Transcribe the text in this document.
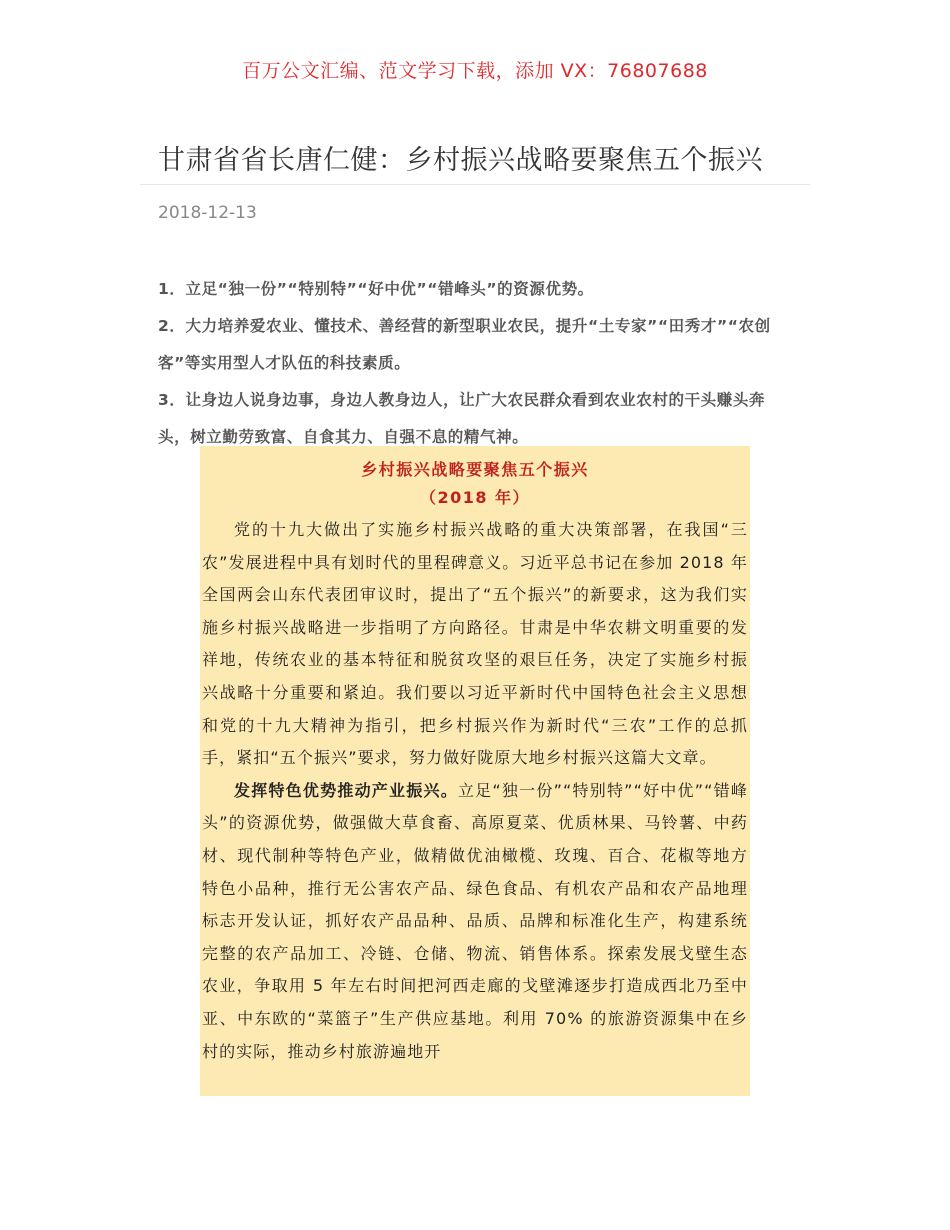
百万公文汇编、范文学习下载，添加 VX：76807688
甘肃省省长唐仁健：乡村振兴战略要聚焦五个振兴
2018-12-13

1．立足“独一份”“特别特”“好中优”“错峰头”的资源优势。

2．大力培养爱农业、懂技术、善经营的新型职业农民，提升“土专家”“田秀才”“农创客”等实用型人才队伍的科技素质。

3．让身边人说身边事，身边人教身边人，让广大农民群众看到农业农村的干头赚头奔头，树立勤劳致富、自食其力、自强不息的精气神。

乡村振兴战略要聚焦五个振兴
（2018 年）

党的十九大做出了实施乡村振兴战略的重大决策部署，在我国“三农”发展进程中具有划时代的里程碑意义。习近平总书记在参加 2018 年全国两会山东代表团审议时，提出了“五个振兴”的新要求，这为我们实施乡村振兴战略进一步指明了方向路径。甘肃是中华农耕文明重要的发祥地，传统农业的基本特征和脱贫攻坚的艰巨任务，决定了实施乡村振兴战略十分重要和紧迫。我们要以习近平新时代中国特色社会主义思想和党的十九大精神为指引，把乡村振兴作为新时代“三农”工作的总抓手，紧扣“五个振兴”要求，努力做好陇原大地乡村振兴这篇大文章。

发挥特色优势推动产业振兴。立足“独一份”“特别特”“好中优”“错峰头”的资源优势，做强做大草食畜、高原夏菜、优质林果、马铃薯、中药材、现代制种等特色产业，做精做优油橄榄、玫瑰、百合、花椒等地方特色小品种，推行无公害农产品、绿色食品、有机农产品和农产品地理标志开发认证，抓好农产品品种、品质、品牌和标准化生产，构建系统完整的农产品加工、冷链、仓储、物流、销售体系。探索发展戈壁生态农业，争取用 5 年左右时间把河西走廊的戈壁滩逐步打造成西北乃至中亚、中东欧的“菜篮子”生产供应基地。利用 70% 的旅游资源集中在乡村的实际，推动乡村旅游遍地开
